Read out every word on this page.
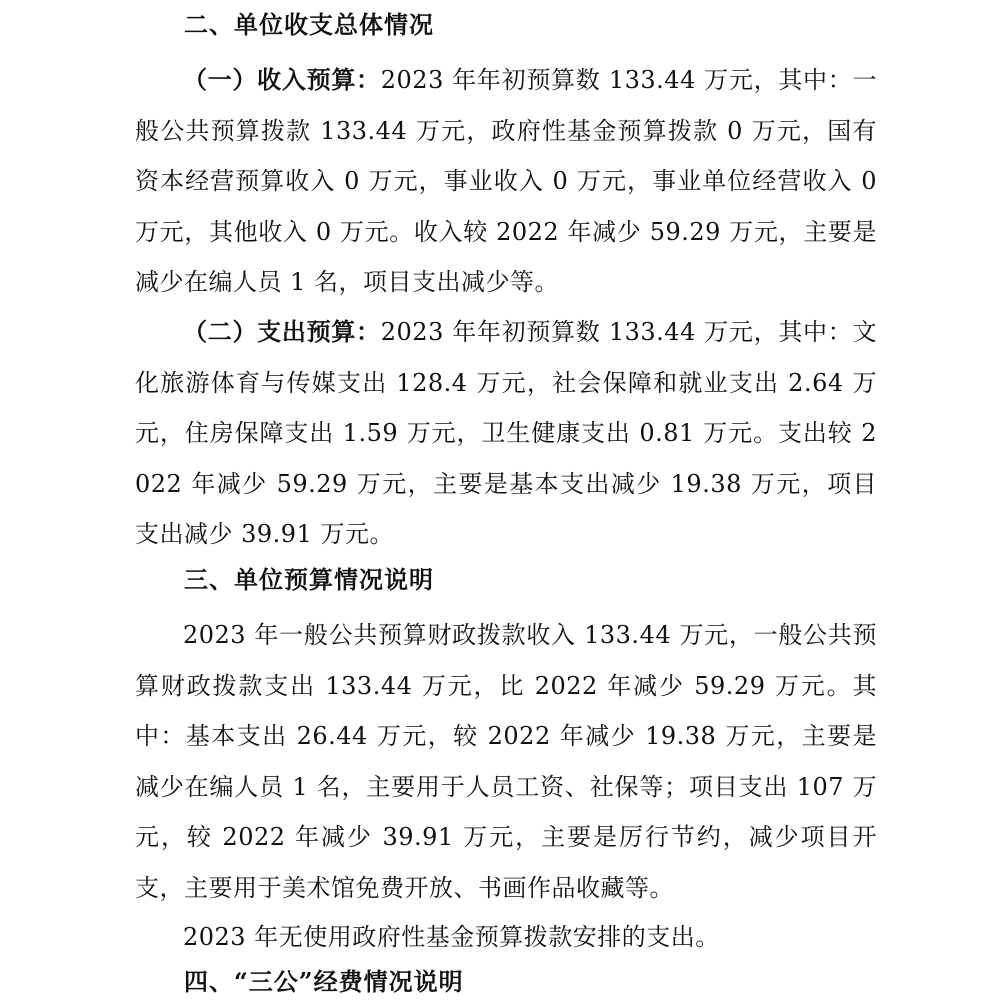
二、单位收支总体情况

（一）收入预算：2023 年年初预算数 133.44 万元，其中：一般公共预算拨款 133.44 万元，政府性基金预算拨款 0 万元，国有资本经营预算收入 0 万元，事业收入 0 万元，事业单位经营收入 0 万元，其他收入 0 万元。收入较 2022 年减少 59.29 万元，主要是减少在编人员 1 名，项目支出减少等。

（二）支出预算：2023 年年初预算数 133.44 万元，其中：文化旅游体育与传媒支出 128.4 万元，社会保障和就业支出 2.64 万元，住房保障支出 1.59 万元，卫生健康支出 0.81 万元。支出较 2022 年减少 59.29 万元，主要是基本支出减少 19.38 万元，项目支出减少 39.91 万元。

三、单位预算情况说明

2023 年一般公共预算财政拨款收入 133.44 万元，一般公共预算财政拨款支出 133.44 万元，比 2022 年减少 59.29 万元。其中：基本支出 26.44 万元，较 2022 年减少 19.38 万元，主要是减少在编人员 1 名，主要用于人员工资、社保等；项目支出 107 万元，较 2022 年减少 39.91 万元，主要是厉行节约，减少项目开支，主要用于美术馆免费开放、书画作品收藏等。

2023 年无使用政府性基金预算拨款安排的支出。

四、“三公”经费情况说明
